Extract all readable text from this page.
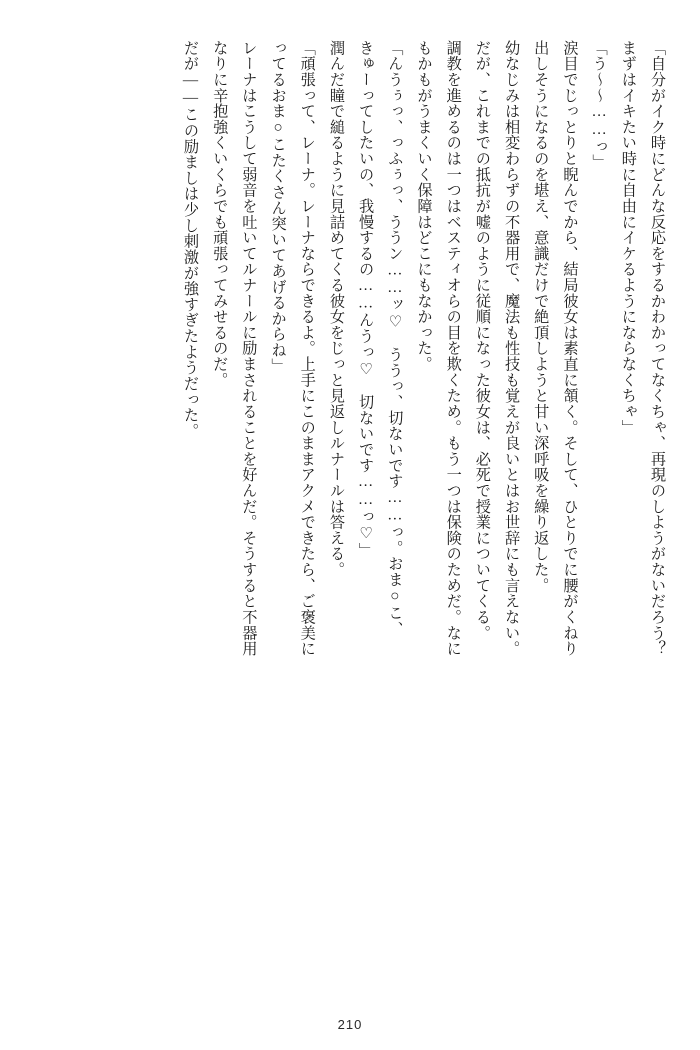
「自分がイク時にどんな反応をするかわかってなくちゃ、再現のしようがないだろう？

まずはイキたい時に自由にイケるようにならなくちゃ」

「う～～……っ」

涙目でじっとりと睨んでから、結局彼女は素直に頷く。そして、ひとりでに腰がくねり

出しそうになるのを堪え、意識だけで絶頂しようと甘い深呼吸を繰り返した。

幼なじみは相変わらずの不器用で、魔法も性技も覚えが良いとはお世辞にも言えない。

だが、これまでの抵抗が嘘のように従順になった彼女は、必死で授業についてくる。

調教を進めるのは一つはベスティオらの目を欺くため。もう一つは保険のためだ。なに

もかもがうまくいく保障はどこにもなかった。

「んうぅっ、っふぅっ、ううン……ッ♡　ううっ、切ないです……っ。おま○こ、

きゅーってしたいの、我慢するの……んうっ♡　切ないです……っ♡」

潤んだ瞳で縋るように見詰めてくる彼女をじっと見返しルナールは答える。

「頑張って、レーナ。レーナならできるよ。上手にこのままアクメできたら、ご褒美に

ってるおま○こたくさん突いてあげるからね」

レーナはこうして弱音を吐いてルナールに励まされることを好んだ。そうすると不器用

なりに辛抱強くいくらでも頑張ってみせるのだ。

だが――この励ましは少し刺激が強すぎたようだった。

210
